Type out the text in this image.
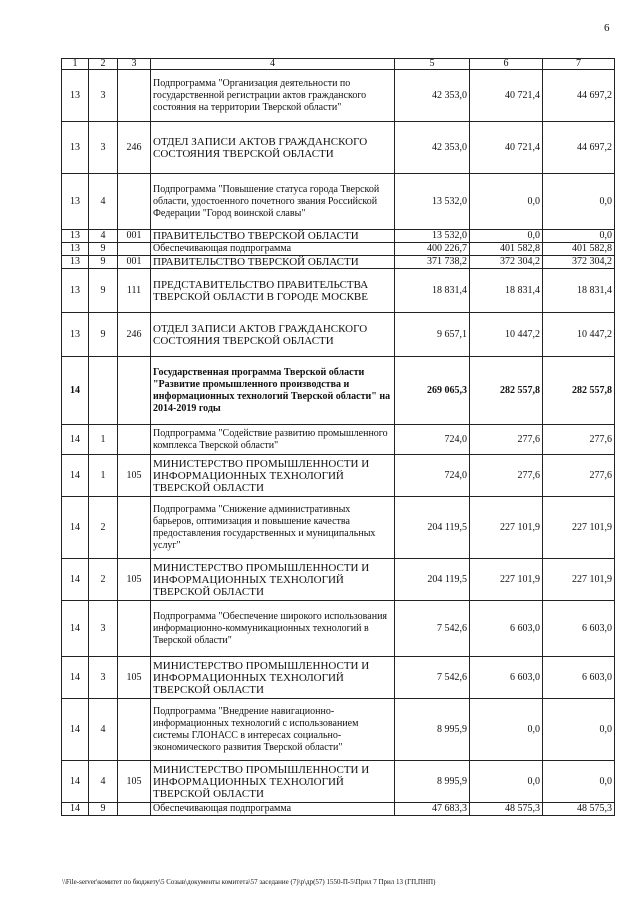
6
1	2	3	4	5	6	7
13	3		Подпрограмма "Организация деятельности по государственной регистрации актов гражданского состояния на территории Тверской области"	42 353,0	40 721,4	44 697,2
13	3	246	ОТДЕЛ ЗАПИСИ АКТОВ ГРАЖДАНСКОГО СОСТОЯНИЯ ТВЕРСКОЙ ОБЛАСТИ	42 353,0	40 721,4	44 697,2
13	4		Подпрограмма "Повышение статуса города Тверской области, удостоенного почетного звания Российской Федерации "Город воинской славы"	13 532,0	0,0	0,0
13	4	001	ПРАВИТЕЛЬСТВО ТВЕРСКОЙ ОБЛАСТИ	13 532,0	0,0	0,0
13	9		Обеспечивающая подпрограмма	400 226,7	401 582,8	401 582,8
13	9	001	ПРАВИТЕЛЬСТВО ТВЕРСКОЙ ОБЛАСТИ	371 738,2	372 304,2	372 304,2
13	9	111	ПРЕДСТАВИТЕЛЬСТВО ПРАВИТЕЛЬСТВА ТВЕРСКОЙ ОБЛАСТИ В ГОРОДЕ МОСКВЕ	18 831,4	18 831,4	18 831,4
13	9	246	ОТДЕЛ ЗАПИСИ АКТОВ ГРАЖДАНСКОГО СОСТОЯНИЯ ТВЕРСКОЙ ОБЛАСТИ	9 657,1	10 447,2	10 447,2
14			Государственная программа Тверской области "Развитие промышленного производства и информационных технологий Тверской области" на 2014-2019 годы	269 065,3	282 557,8	282 557,8
14	1		Подпрограмма "Содействие развитию промышленного комплекса Тверской области"	724,0	277,6	277,6
14	1	105	МИНИСТЕРСТВО ПРОМЫШЛЕННОСТИ И ИНФОРМАЦИОННЫХ ТЕХНОЛОГИЙ ТВЕРСКОЙ ОБЛАСТИ	724,0	277,6	277,6
14	2		Подпрограмма "Снижение административных барьеров, оптимизация и повышение качества предоставления государственных и муниципальных услуг"	204 119,5	227 101,9	227 101,9
14	2	105	МИНИСТЕРСТВО ПРОМЫШЛЕННОСТИ И ИНФОРМАЦИОННЫХ ТЕХНОЛОГИЙ ТВЕРСКОЙ ОБЛАСТИ	204 119,5	227 101,9	227 101,9
14	3		Подпрограмма "Обеспечение широкого использования информационно-коммуникационных технологий в Тверской области"	7 542,6	6 603,0	6 603,0
14	3	105	МИНИСТЕРСТВО ПРОМЫШЛЕННОСТИ И ИНФОРМАЦИОННЫХ ТЕХНОЛОГИЙ ТВЕРСКОЙ ОБЛАСТИ	7 542,6	6 603,0	6 603,0
14	4		Подпрограмма "Внедрение навигационно-информационных технологий с использованием системы ГЛОНАСС в интересах социально-экономического развития Тверской области"	8 995,9	0,0	0,0
14	4	105	МИНИСТЕРСТВО ПРОМЫШЛЕННОСТИ И ИНФОРМАЦИОННЫХ ТЕХНОЛОГИЙ ТВЕРСКОЙ ОБЛАСТИ	8 995,9	0,0	0,0
14	9		Обеспечивающая подпрограмма	47 683,3	48 575,3	48 575,3
\\File-server\комитет по бюджету\5 Созыв\документы комитета\57 заседание (7)\р\др(57) 1550-П-5\Прил 7 Прил 13 (ГП,ПНП)
